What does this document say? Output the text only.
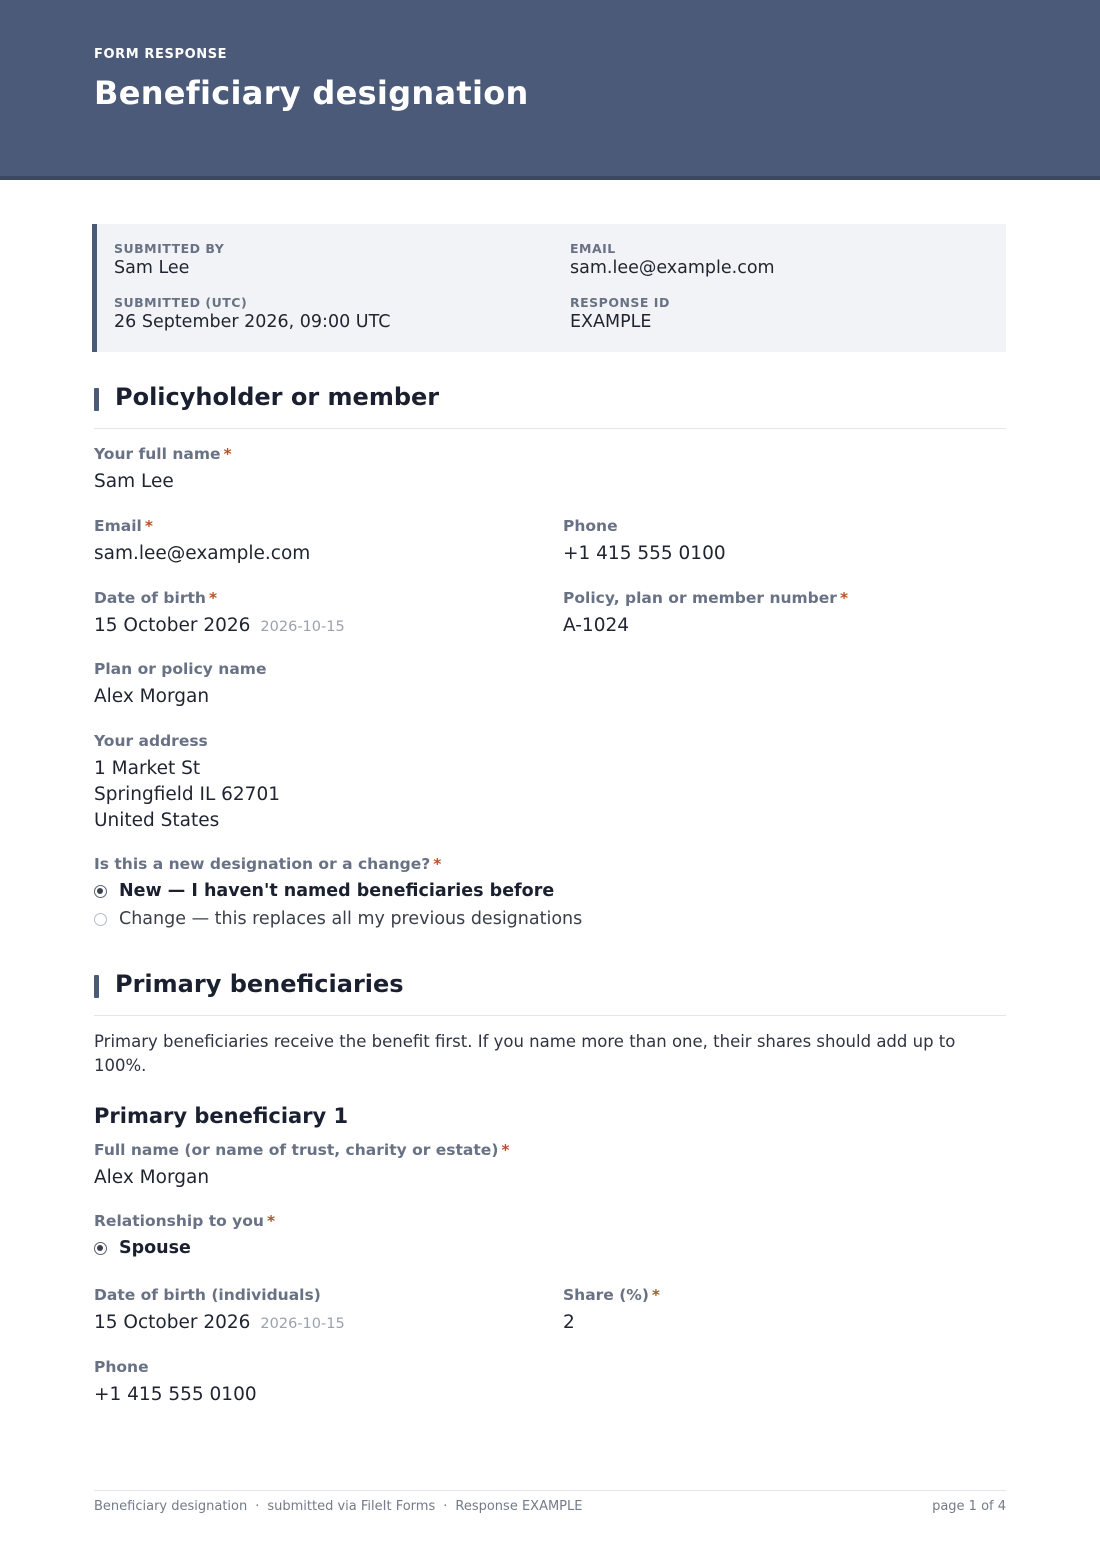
FORM RESPONSE
Beneficiary designation
SUBMITTED BY
Sam Lee
EMAIL
sam.lee@example.com
SUBMITTED (UTC)
26 September 2026, 09:00 UTC
RESPONSE ID
EXAMPLE
Policyholder or member
Your full name *
Sam Lee
Email *
sam.lee@example.com
Phone
+1 415 555 0100
Date of birth *
15 October 2026 2026-10-15
Policy, plan or member number *
A-1024
Plan or policy name
Alex Morgan
Your address
1 Market St
Springfield IL 62701
United States
Is this a new designation or a change? *
New — I haven't named beneficiaries before
Change — this replaces all my previous designations
Primary beneficiaries
Primary beneficiaries receive the benefit first. If you name more than one, their shares should add up to 100%.
Primary beneficiary 1
Full name (or name of trust, charity or estate) *
Alex Morgan
Relationship to you *
Spouse
Date of birth (individuals)
15 October 2026 2026-10-15
Share (%) *
2
Phone
+1 415 555 0100
Beneficiary designation · submitted via FileIt Forms · Response EXAMPLE	page 1 of 4
